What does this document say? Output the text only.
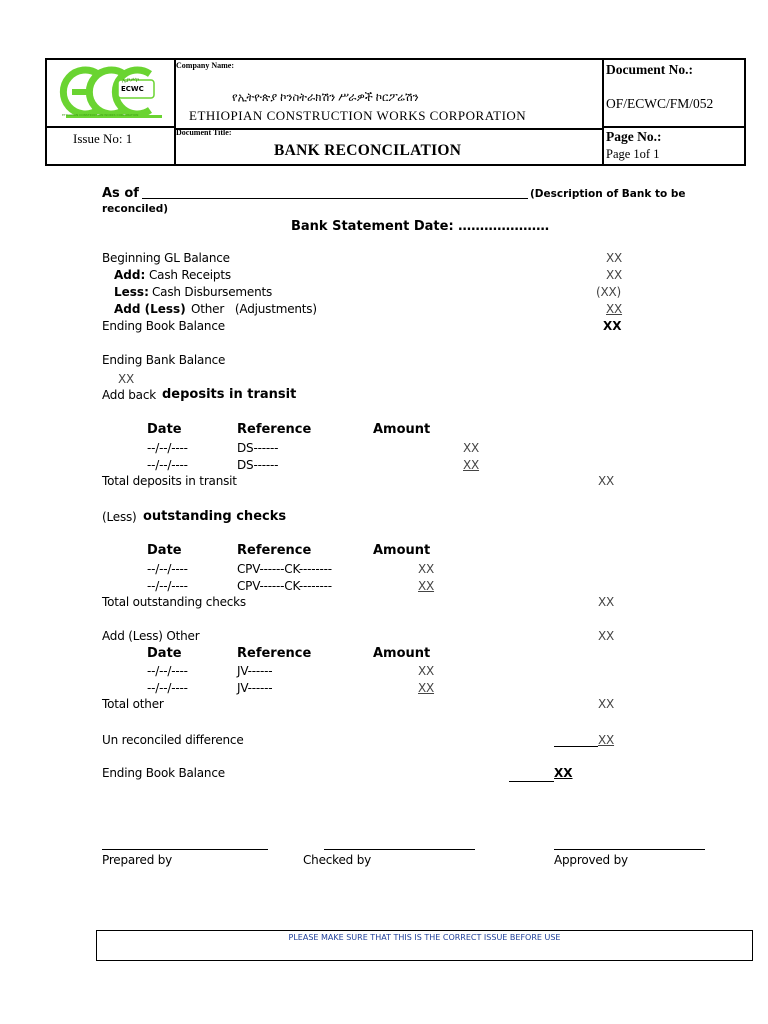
ኢኮሥኮ
ECWC
ETHIOPIAN CONSTRUCTION WORKS CORPORATION
Company Name:
የኢትዮጵያ ኮንስትራክሽን ሥራዎች ኮርፖሬሽን
ETHIOPIAN CONSTRUCTION WORKS CORPORATION
Document No.:
OF/ECWC/FM/052
Issue No: 1	Document Title:
BANK RECONCILATION
Page No.:
Page 1of 1
As of	(Description of Bank to be
reconciled)
Bank Statement Date: …………………
Beginning GL Balance	XX
Add: Cash Receipts	XX
Less: Cash Disbursements	(XX)
Add (Less) Other   (Adjustments)	XX
Ending Book Balance	XX
Ending Bank Balance
XX
Add back deposits in transit
Date	Reference	Amount
--/--/----	DS------	XX
--/--/----	DS------	XX
Total deposits in transit	XX
(Less) outstanding checks
Date	Reference	Amount
--/--/----	CPV------CK--------	XX
--/--/----	CPV------CK--------	XX
Total outstanding checks	XX
Add (Less) Other	XX
Date	Reference	Amount
--/--/----	JV------	XX
--/--/----	JV------	XX
Total other	XX
Un reconciled difference	XX
Ending Book Balance	XX
Prepared by	Checked by	Approved by
PLEASE MAKE SURE THAT THIS IS THE CORRECT ISSUE BEFORE USE
